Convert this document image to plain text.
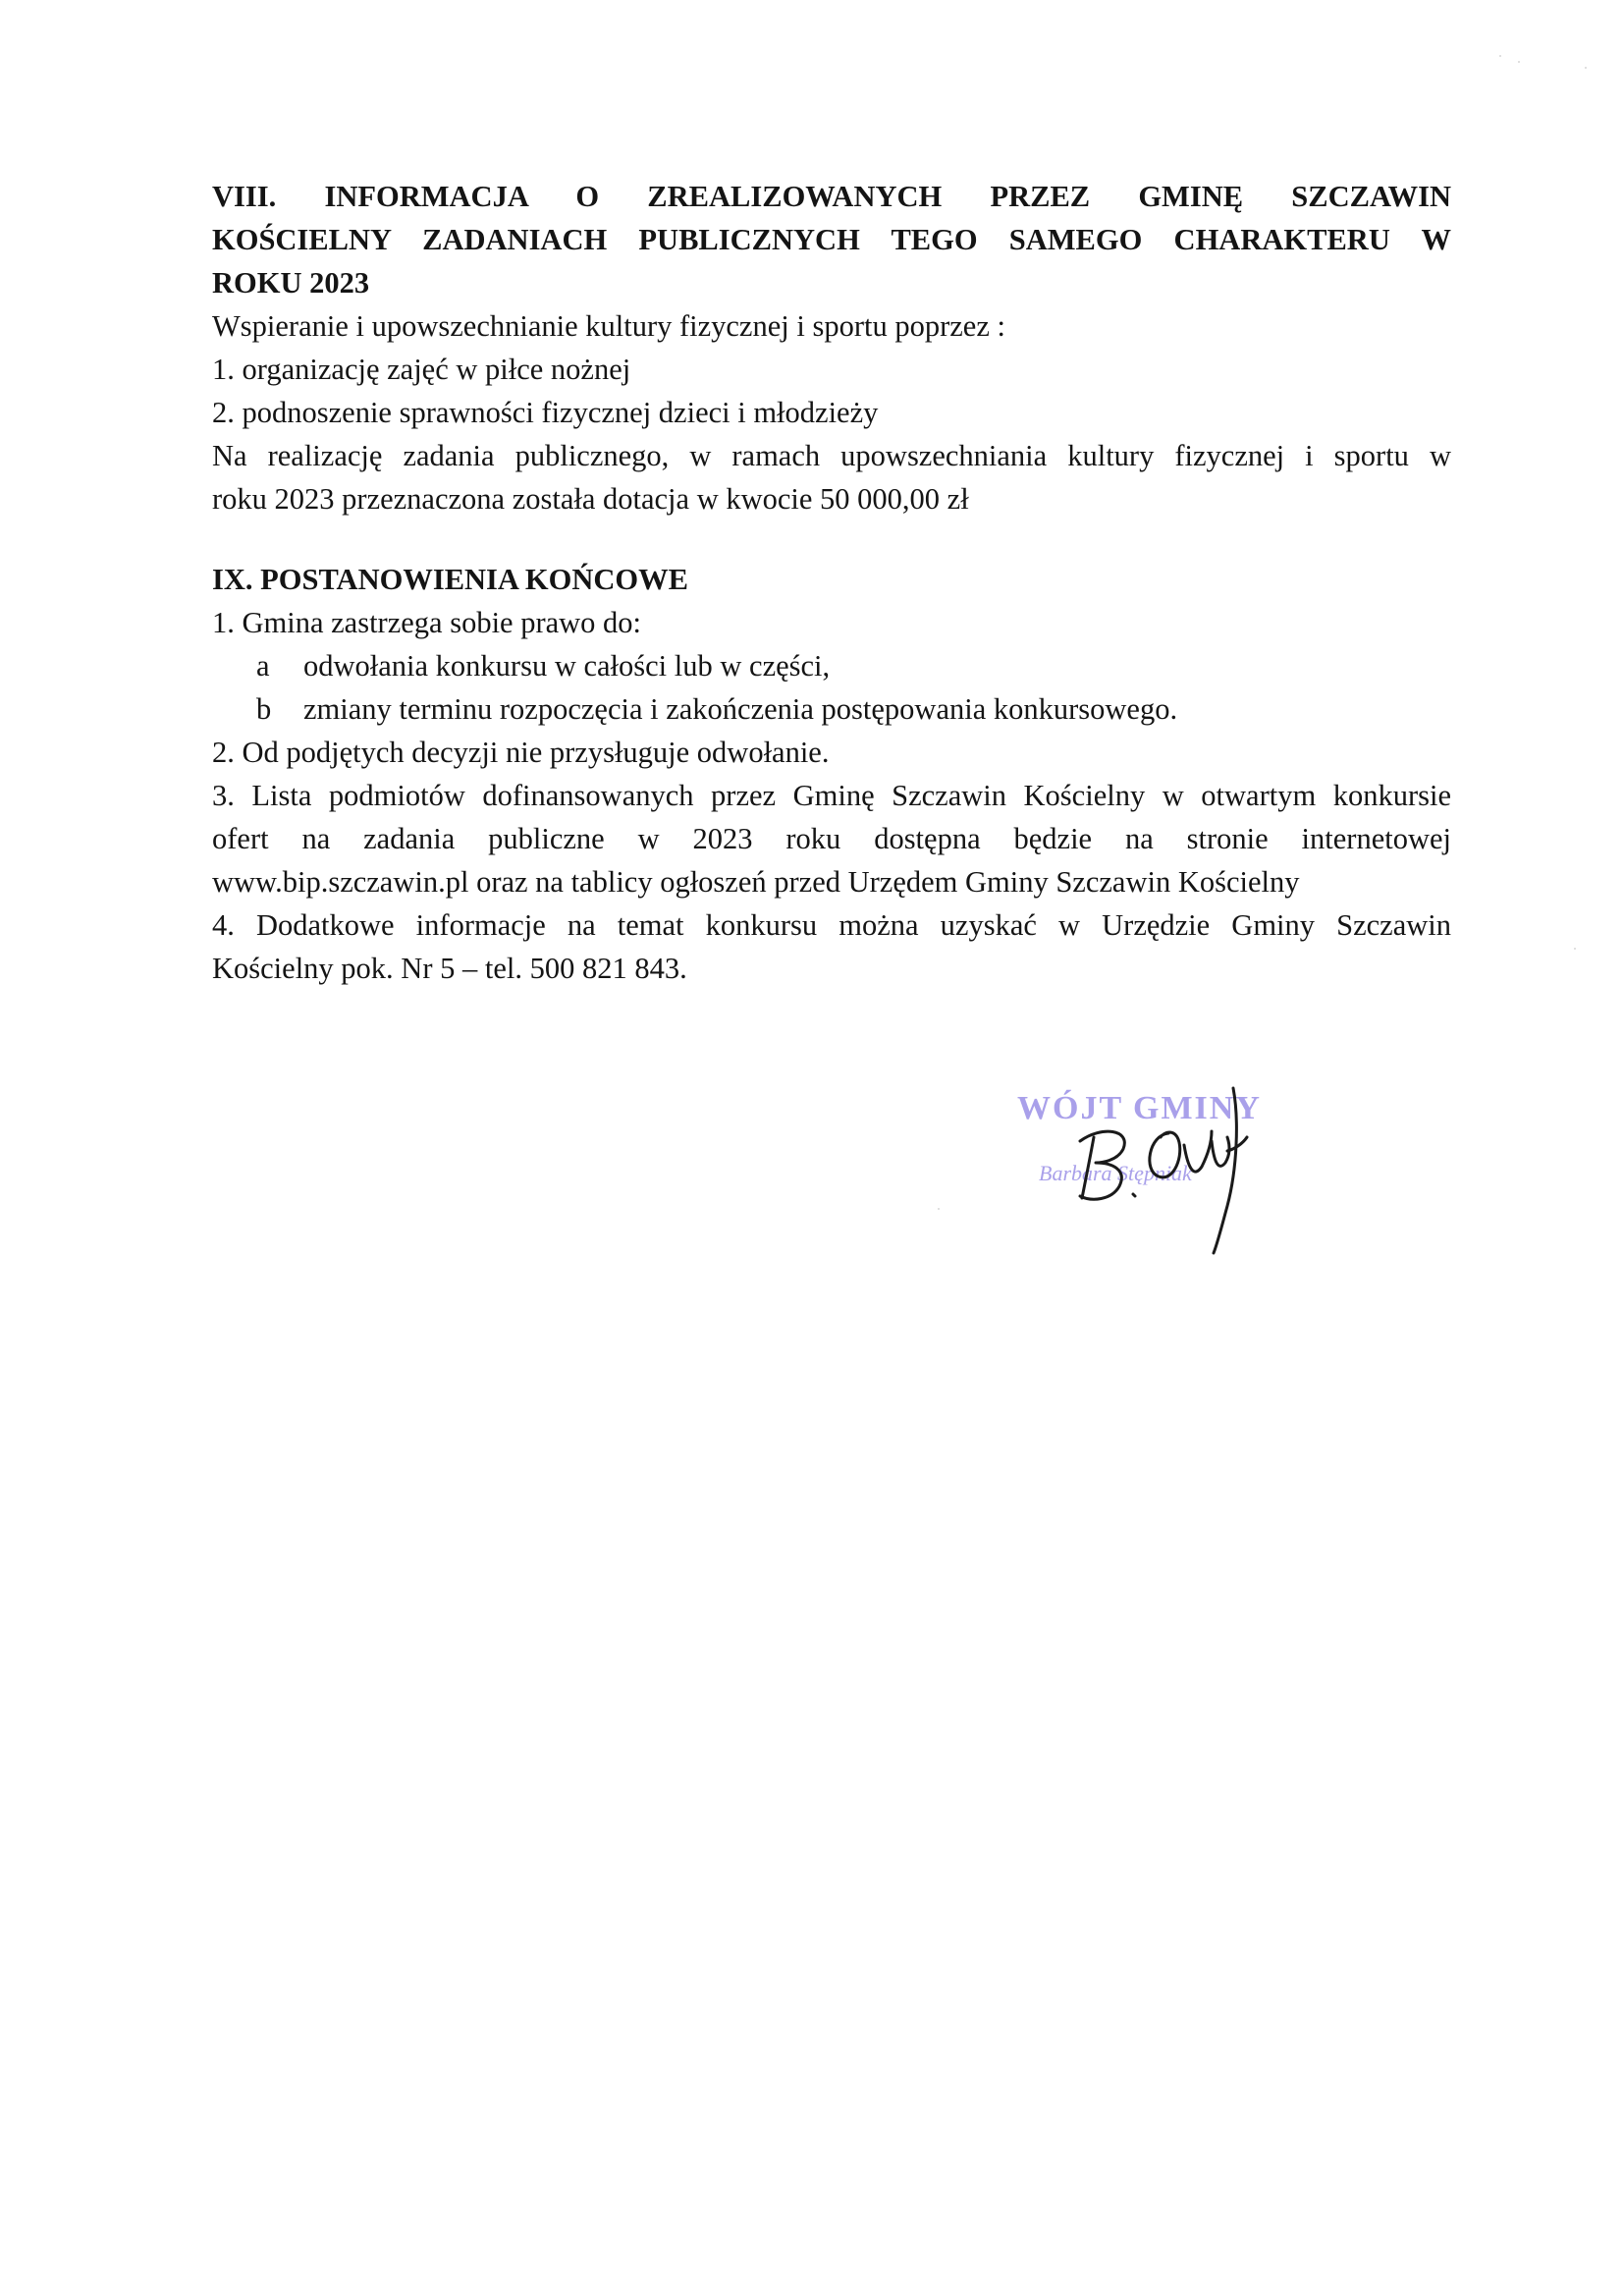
VIII. INFORMACJA O ZREALIZOWANYCH PRZEZ GMINĘ SZCZAWIN
KOŚCIELNY ZADANIACH PUBLICZNYCH TEGO SAMEGO CHARAKTERU W
ROKU 2023

Wspieranie i upowszechnianie kultury fizycznej i sportu poprzez :

1. organizację zajęć w piłce nożnej

2. podnoszenie sprawności fizycznej dzieci i młodzieży

Na realizację zadania publicznego, w ramach upowszechniania kultury fizycznej i sportu w
roku 2023 przeznaczona została dotacja w kwocie 50 000,00 zł

IX. POSTANOWIENIA KOŃCOWE

1. Gmina zastrzega sobie prawo do:

a	odwołania konkursu w całości lub w części,
b	zmiany terminu rozpoczęcia i zakończenia postępowania konkursowego.

2. Od podjętych decyzji nie przysługuje odwołanie.

3. Lista podmiotów dofinansowanych przez Gminę Szczawin Kościelny w otwartym konkursie
ofert na zadania publiczne w 2023 roku dostępna będzie na stronie internetowej
www.bip.szczawin.pl oraz na tablicy ogłoszeń przed Urzędem Gminy Szczawin Kościelny
4. Dodatkowe informacje na temat konkursu można uzyskać w Urzędzie Gminy Szczawin
Kościelny pok. Nr 5 – tel. 500 821 843.
WÓJT GMINY
Barbara Stępniak
